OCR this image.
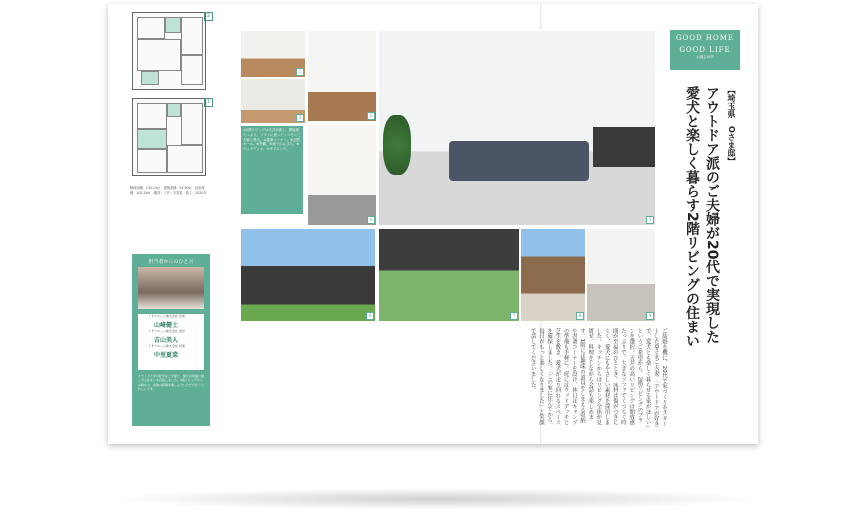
2
1
敷地面積：132.13㎡　建築面積：59.60㎡　延床面積：105.29㎡　構造・工法：木質系　竣工：2020年
担当者からのひと言
ミサワホーム株式会社 営業
山﨑健士
ミサワホーム株式会社 設計
吉山美人
ミサワホーム株式会社 営業
中里夏菜
アウトドアがお好きなご夫婦と、愛犬が快適に過ごせる住まいを目指しました。2階リビングからの眺めと、家族の時間を楽しんでいただけたらうれしいです。
①2階リビングは天井が高く、開放感たっぷり。ソファに座ってくつろぐご夫婦と愛犬。②書斎コーナー。③玄関ホール。④外観。⑤庭でのんびり。⑥ウッドデッキ。⑦ダイニング。
1
2
3
4	5
6	7	8	9
GOOD HOME
GOOD LIFE
お施主の声
【埼玉県　Oさま邸】
アウトドア派のご夫婦が20代で実現した
愛犬と楽しく暮らす2階リビングの住まい
ご結婚を機に、20代で家づくりをスタートしたOさまご夫妻。「アウトドアが好きで、愛犬とも楽しく暮らせる家がほしい」というご希望から、2階リビングのプランを選択。天井の高いリビングは開放感たっぷりで、大きなソファでくつろぐ時間が至福のひととき。床材は傷がつきにくく、愛犬にもやさしい素材を採用しました。キッチンからはリビング全体が見渡せ、料理をしながら会話も楽しめます。1階には趣味の道具をしまえる収納や書斎コーナーを設け、休日はキャンプの準備も手軽に。庭にはウッドデッキと芝生を敷き、愛犬が走り回れるスペースを確保しました。「この家に住んでから、毎日がもっと楽しくなりました」と笑顔で話してくださいました。
